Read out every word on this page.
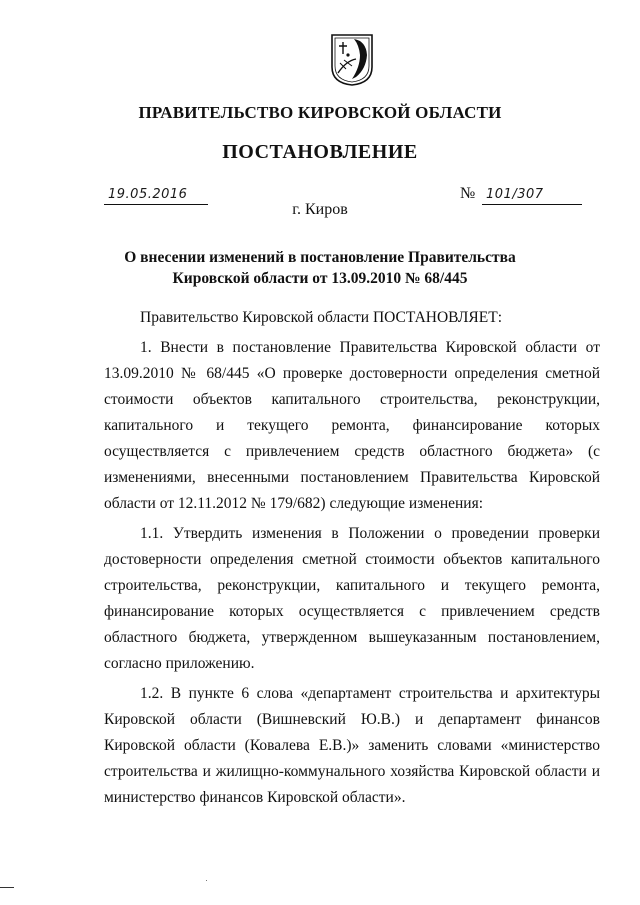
ПРАВИТЕЛЬСТВО КИРОВСКОЙ ОБЛАСТИ
ПОСТАНОВЛЕНИЕ
19.05.2016	№ 101/307
г. Киров
О внесении изменений в постановление Правительства
Кировской области от 13.09.2010 № 68/445

Правительство Кировской области ПОСТАНОВЛЯЕТ:

1. Внести в постановление Правительства Кировской области от 13.09.2010 № 68/445 «О проверке достоверности определения сметной стоимости объектов капитального строительства, реконструкции, капитального и текущего ремонта, финансирование которых осуществляется с привлечением средств областного бюджета» (с изменениями, внесенными постановлением Правительства Кировской области от 12.11.2012 № 179/682) следующие изменения:

1.1. Утвердить изменения в Положении о проведении проверки достоверности определения сметной стоимости объектов капитального строительства, реконструкции, капитального и текущего ремонта, финансирование которых осуществляется с привлечением средств областного бюджета, утвержденном вышеуказанным постановлением, согласно приложению.

1.2. В пункте 6 слова «департамент строительства и архитектуры Кировской области (Вишневский Ю.В.) и департамент финансов Кировской области (Ковалева Е.В.)» заменить словами «министерство строительства и жилищно-коммунального хозяйства Кировской области и министерство финансов Кировской области».
